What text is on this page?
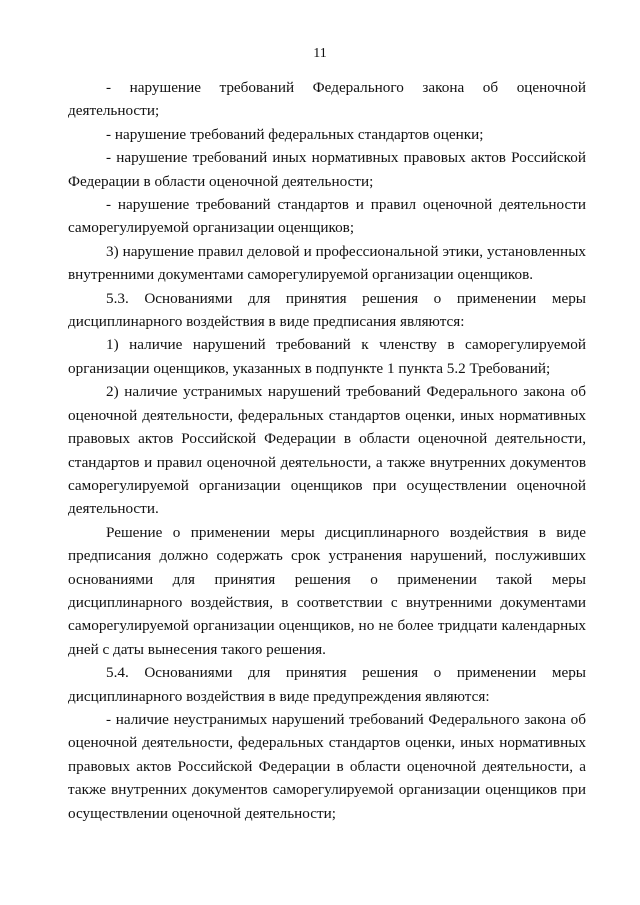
11

- нарушение требований Федерального закона об оценочной деятельности;

- нарушение требований федеральных стандартов оценки;

- нарушение требований иных нормативных правовых актов Российской Федерации в области оценочной деятельности;

- нарушение требований стандартов и правил оценочной деятельности саморегулируемой организации оценщиков;

3) нарушение правил деловой и профессиональной этики, установленных внутренними документами саморегулируемой организации оценщиков.

5.3. Основаниями для принятия решения о применении меры дисциплинарного воздействия в виде предписания являются:

1) наличие нарушений требований к членству в саморегулируемой организации оценщиков, указанных в подпункте 1 пункта 5.2 Требований;

2) наличие устранимых нарушений требований Федерального закона об оценочной деятельности, федеральных стандартов оценки, иных нормативных правовых актов Российской Федерации в области оценочной деятельности, стандартов и правил оценочной деятельности, а также внутренних документов саморегулируемой организации оценщиков при осуществлении оценочной деятельности.

Решение о применении меры дисциплинарного воздействия в виде предписания должно содержать срок устранения нарушений, послуживших основаниями для принятия решения о применении такой меры дисциплинарного воздействия, в соответствии с внутренними документами саморегулируемой организации оценщиков, но не более тридцати календарных дней с даты вынесения такого решения.

5.4. Основаниями для принятия решения о применении меры дисциплинарного воздействия в виде предупреждения являются:

- наличие неустранимых нарушений требований Федерального закона об оценочной деятельности, федеральных стандартов оценки, иных нормативных правовых актов Российской Федерации в области оценочной деятельности, а также внутренних документов саморегулируемой организации оценщиков при осуществлении оценочной деятельности;
